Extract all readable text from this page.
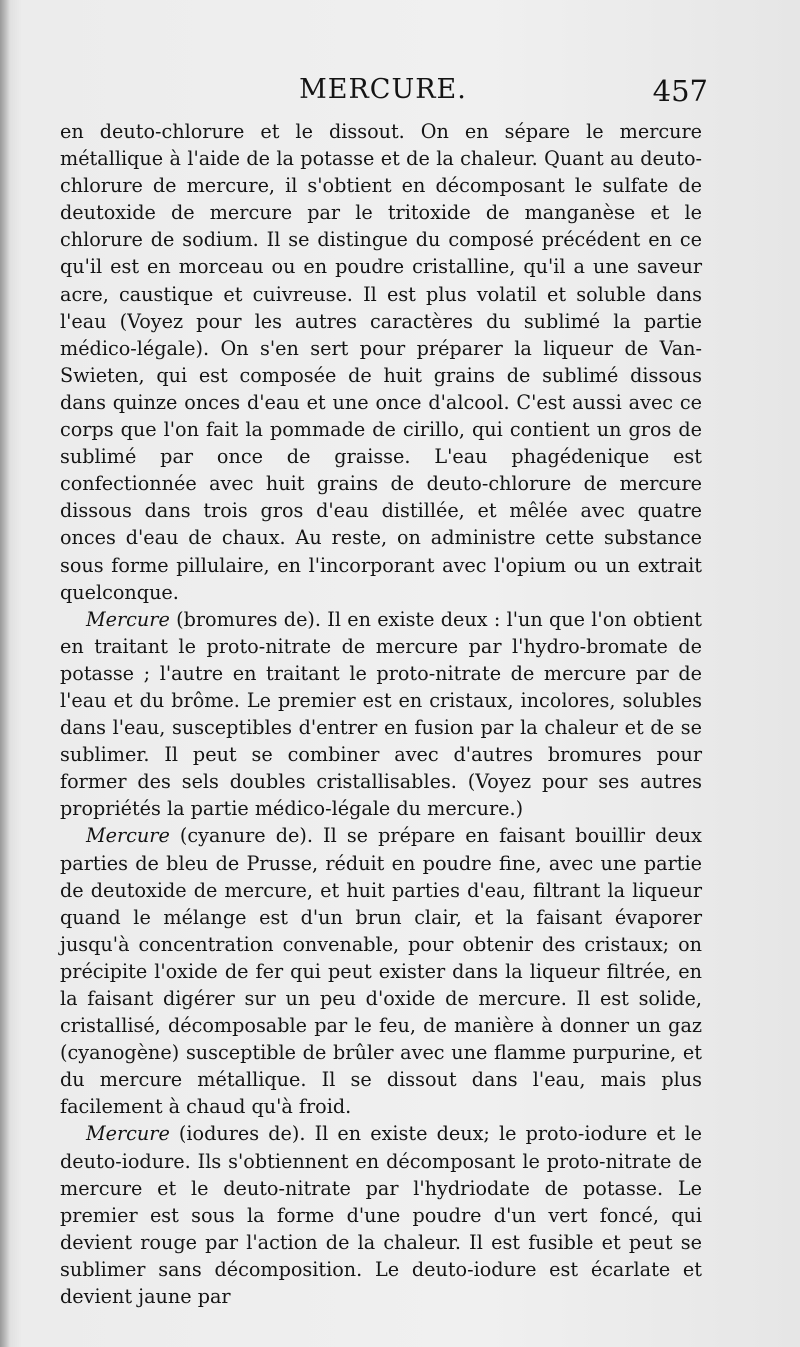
MERCURE.	457

en deuto-chlorure et le dissout. On en sépare le mercure métallique à l'aide de la potasse et de la chaleur. Quant au deuto-chlorure de mercure, il s'obtient en décomposant le sulfate de deutoxide de mercure par le tritoxide de manganèse et le chlorure de sodium. Il se distingue du composé précédent en ce qu'il est en morceau ou en poudre cristalline, qu'il a une saveur acre, caustique et cuivreuse. Il est plus volatil et soluble dans l'eau (Voyez pour les autres caractères du sublimé la partie médico-légale). On s'en sert pour préparer la liqueur de Van-Swieten, qui est composée de huit grains de sublimé dissous dans quinze onces d'eau et une once d'alcool. C'est aussi avec ce corps que l'on fait la pommade de cirillo, qui contient un gros de sublimé par once de graisse. L'eau phagédenique est confectionnée avec huit grains de deuto-chlorure de mercure dissous dans trois gros d'eau distillée, et mêlée avec quatre onces d'eau de chaux. Au reste, on administre cette substance sous forme pillulaire, en l'incorporant avec l'opium ou un extrait quelconque.

Mercure (bromures de). Il en existe deux : l'un que l'on obtient en traitant le proto-nitrate de mercure par l'hydro-bromate de potasse ; l'autre en traitant le proto-nitrate de mercure par de l'eau et du brôme. Le premier est en cristaux, incolores, solubles dans l'eau, susceptibles d'entrer en fusion par la chaleur et de se sublimer. Il peut se combiner avec d'autres bromures pour former des sels doubles cristallisables. (Voyez pour ses autres propriétés la partie médico-légale du mercure.)

Mercure (cyanure de). Il se prépare en faisant bouillir deux parties de bleu de Prusse, réduit en poudre fine, avec une partie de deutoxide de mercure, et huit parties d'eau, filtrant la liqueur quand le mélange est d'un brun clair, et la faisant évaporer jusqu'à concentration convenable, pour obtenir des cristaux; on précipite l'oxide de fer qui peut exister dans la liqueur filtrée, en la faisant digérer sur un peu d'oxide de mercure. Il est solide, cristallisé, décomposable par le feu, de manière à donner un gaz (cyanogène) susceptible de brûler avec une flamme purpurine, et du mercure métallique. Il se dissout dans l'eau, mais plus facilement à chaud qu'à froid.

Mercure (iodures de). Il en existe deux; le proto-iodure et le deuto-iodure. Ils s'obtiennent en décomposant le proto-nitrate de mercure et le deuto-nitrate par l'hydriodate de potasse. Le premier est sous la forme d'une poudre d'un vert foncé, qui devient rouge par l'action de la chaleur. Il est fusible et peut se sublimer sans décomposition. Le deuto-iodure est écarlate et devient jaune par
